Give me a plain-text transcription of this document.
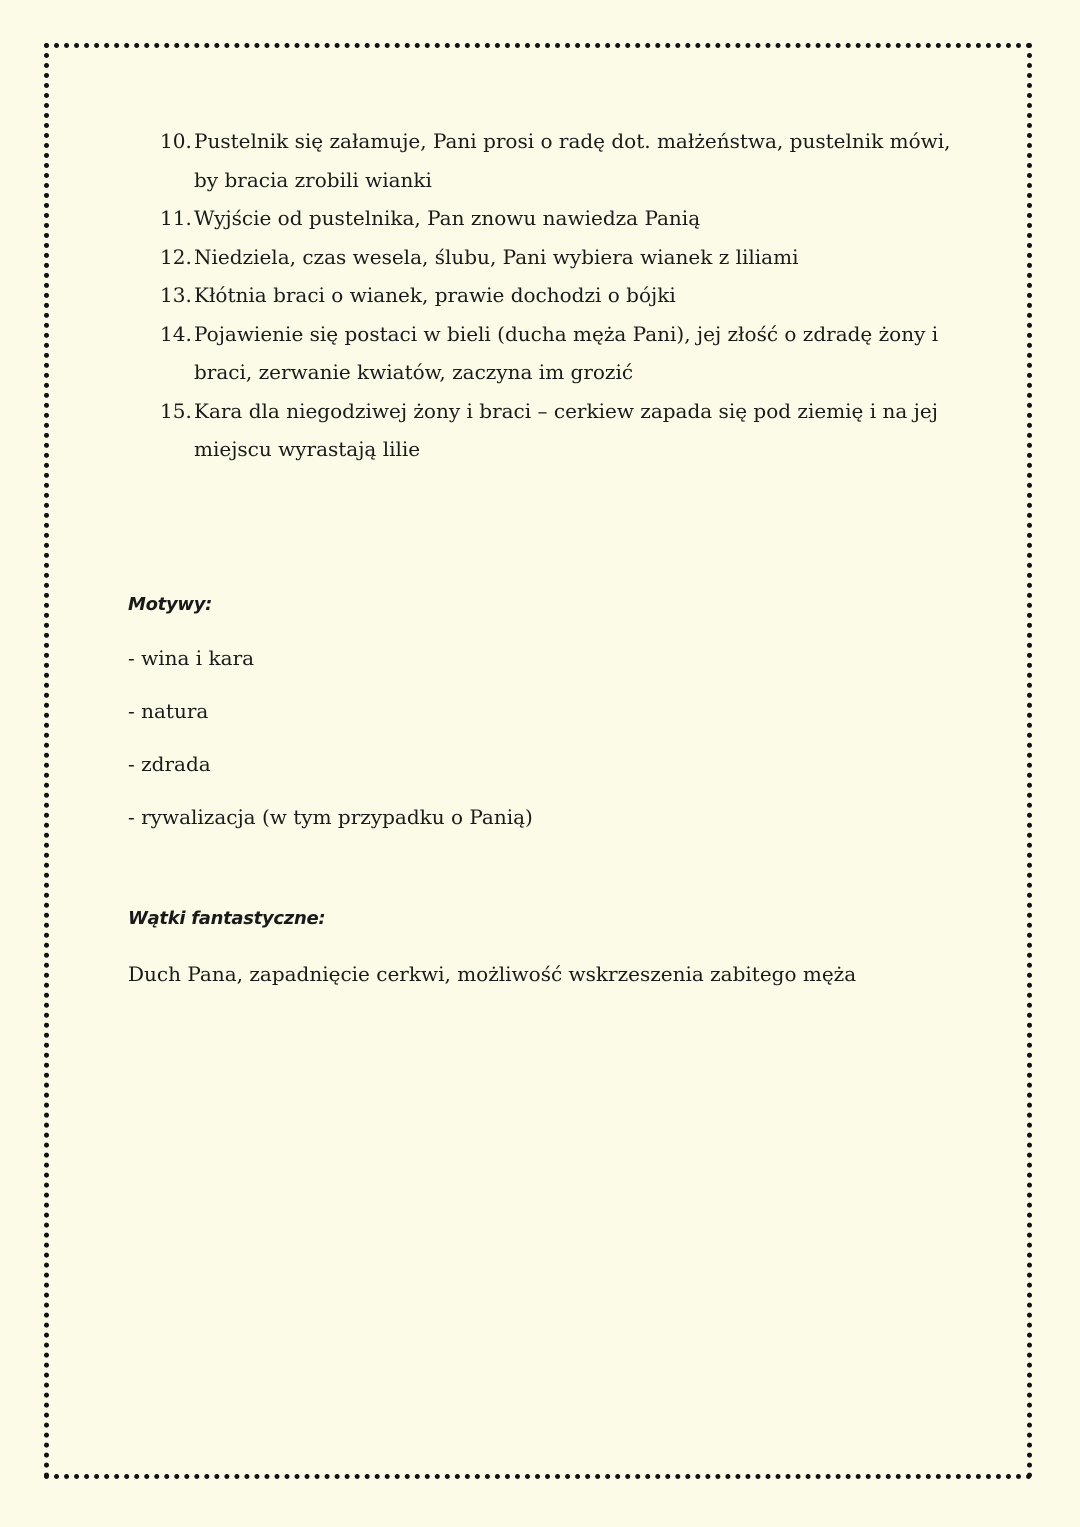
10. Pustelnik się załamuje, Pani prosi o radę dot. małżeństwa, pustelnik mówi, by bracia zrobili wianki
11. Wyjście od pustelnika, Pan znowu nawiedza Panią
12. Niedziela, czas wesela, ślubu, Pani wybiera wianek z liliami
13. Kłótnia braci o wianek, prawie dochodzi o bójki
14. Pojawienie się postaci w bieli (ducha męża Pani), jej złość o zdradę żony i braci, zerwanie kwiatów, zaczyna im grozić
15. Kara dla niegodziwej żony i braci – cerkiew zapada się pod ziemię i na jej miejscu wyrastają lilie
Motywy:
- wina i kara
- natura
- zdrada
- rywalizacja (w tym przypadku o Panią)
Wątki fantastyczne:
Duch Pana, zapadnięcie cerkwi, możliwość wskrzeszenia zabitego męża
